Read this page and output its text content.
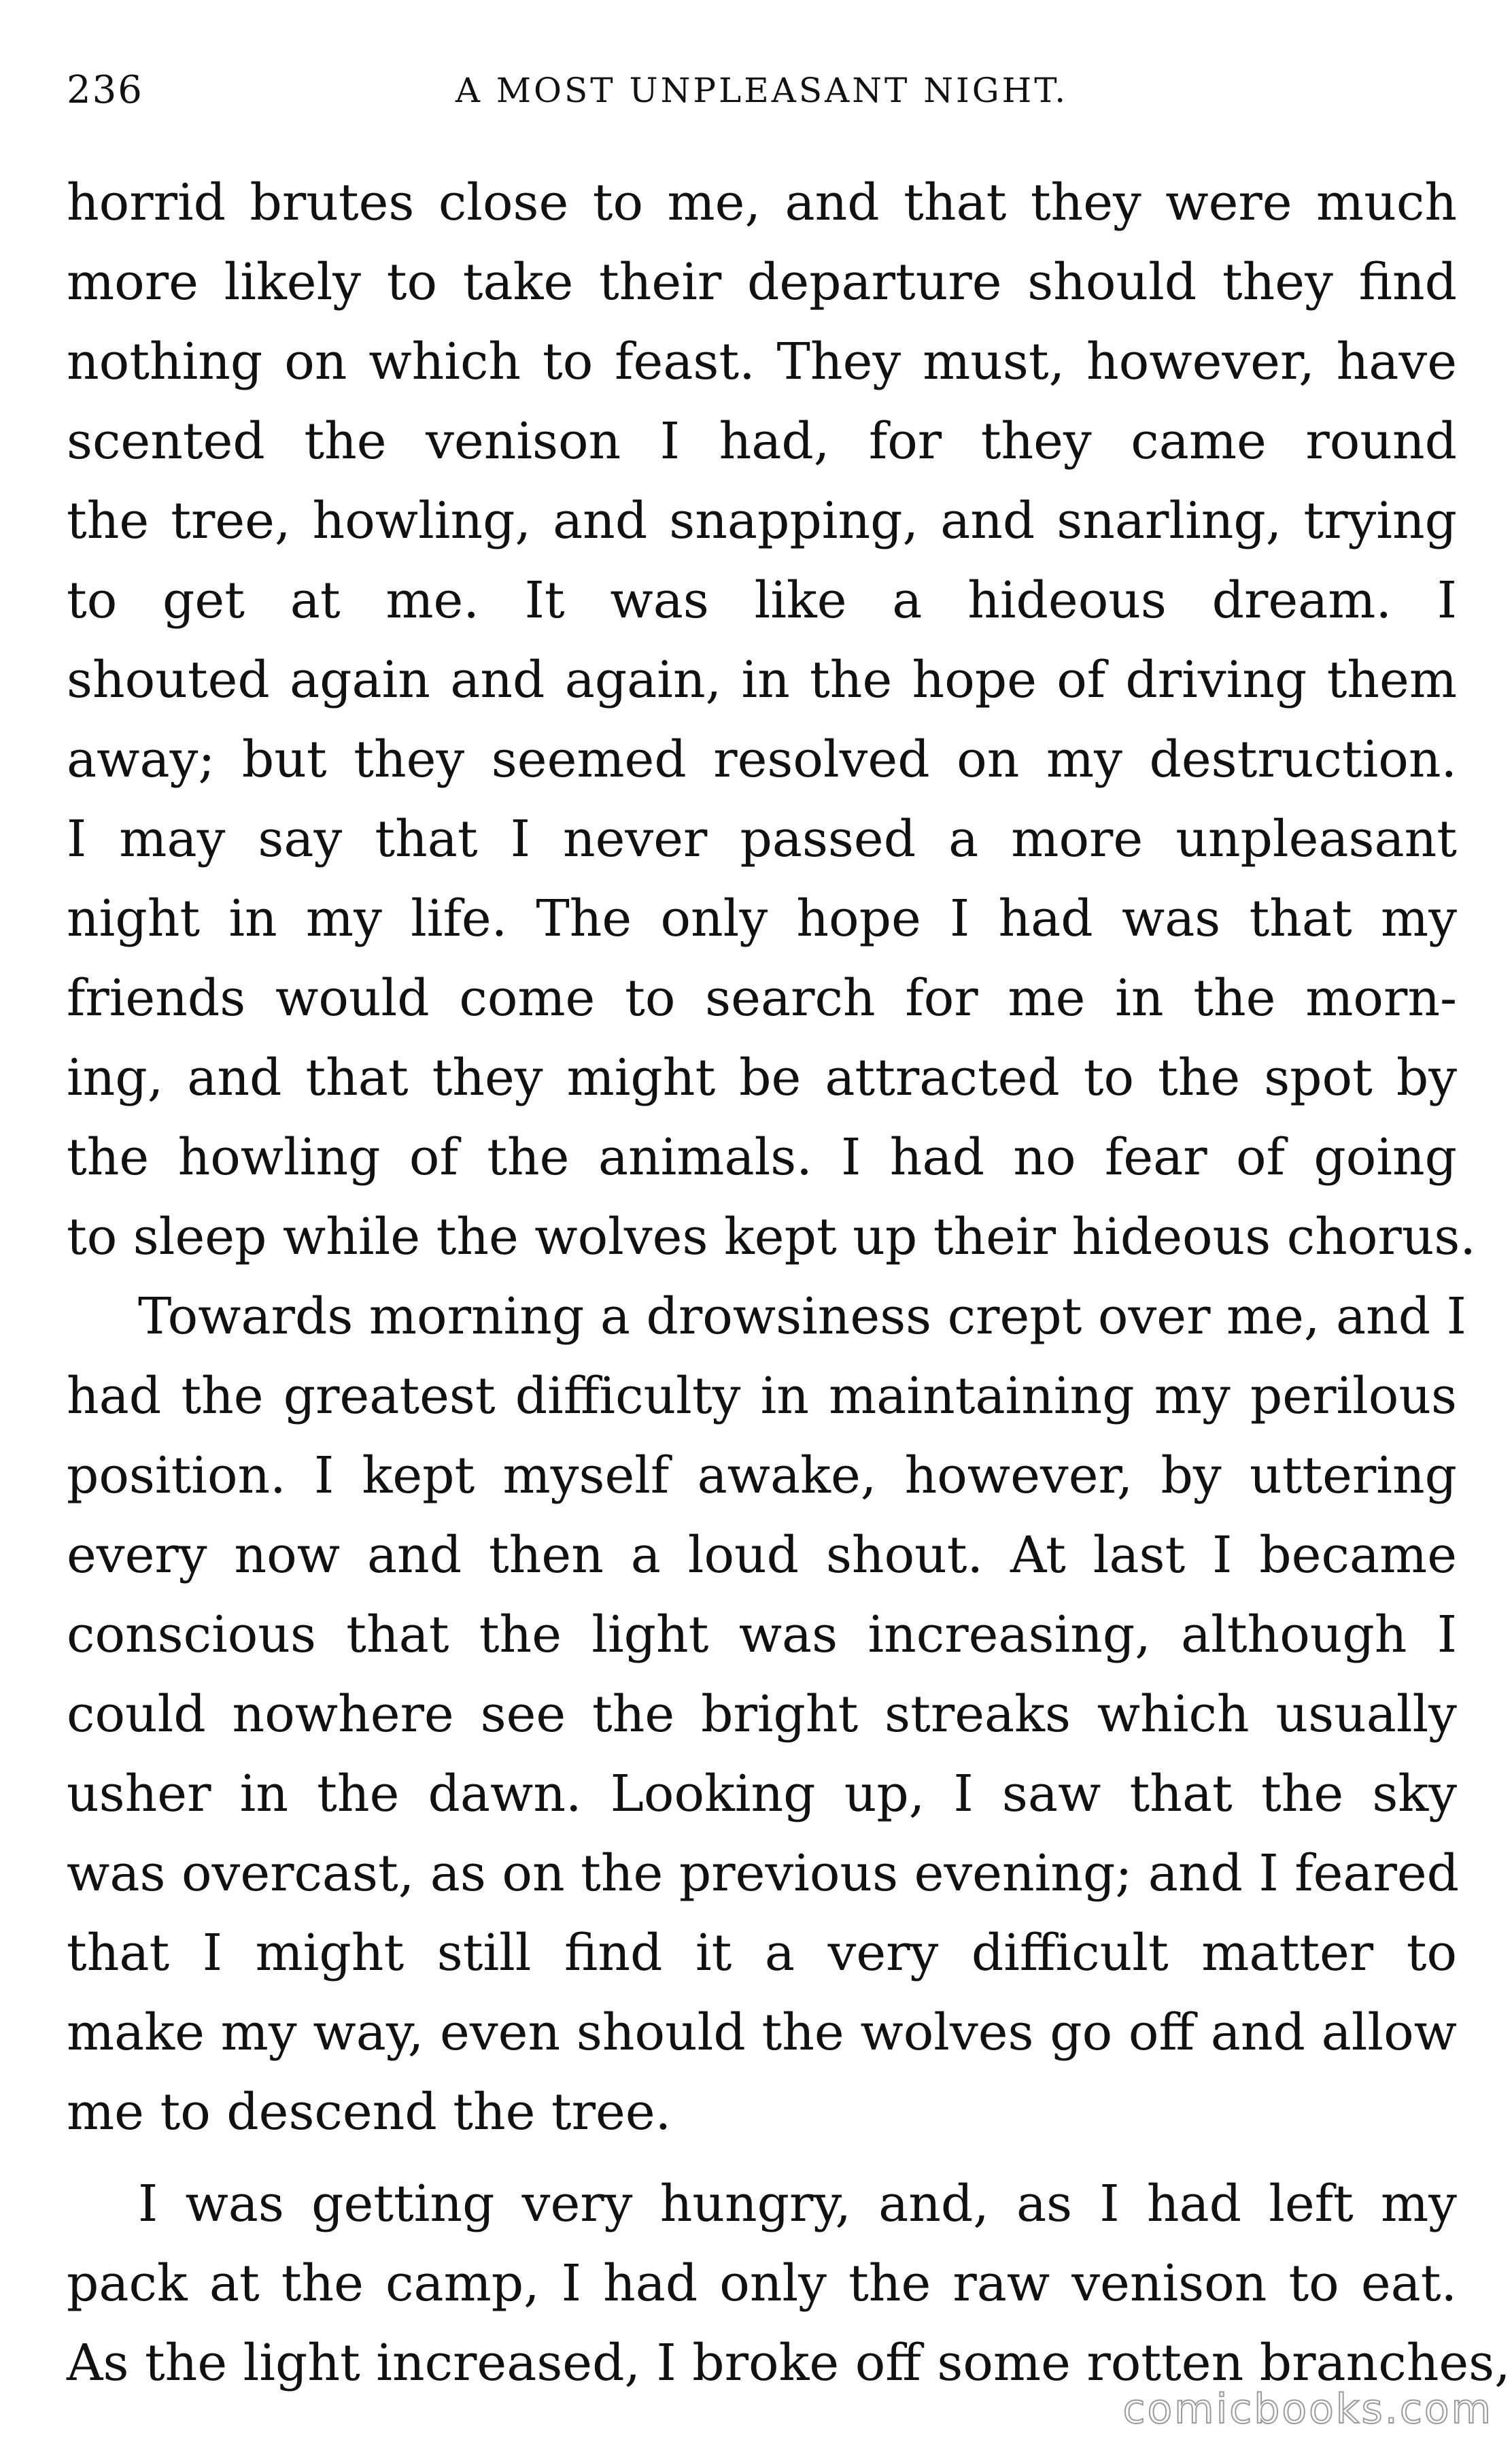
236	A MOST UNPLEASANT NIGHT.
horrid brutes close to me, and that they were much
more likely to take their departure should they find
nothing on which to feast. They must, however, have
scented the venison I had, for they came round
the tree, howling, and snapping, and snarling, trying
to get at me. It was like a hideous dream. I
shouted again and again, in the hope of driving them
away; but they seemed resolved on my destruction.
I may say that I never passed a more unpleasant
night in my life. The only hope I had was that my
friends would come to search for me in the morn-
ing, and that they might be attracted to the spot by
the howling of the animals. I had no fear of going
to sleep while the wolves kept up their hideous chorus.
Towards morning a drowsiness crept over me, and I
had the greatest difficulty in maintaining my perilous
position. I kept myself awake, however, by uttering
every now and then a loud shout. At last I became
conscious that the light was increasing, although I
could nowhere see the bright streaks which usually
usher in the dawn. Looking up, I saw that the sky
was overcast, as on the previous evening; and I feared
that I might still find it a very difficult matter to
make my way, even should the wolves go off and allow
me to descend the tree.
I was getting very hungry, and, as I had left my
pack at the camp, I had only the raw venison to eat.
As the light increased, I broke off some rotten branches,
comicbooks.com
